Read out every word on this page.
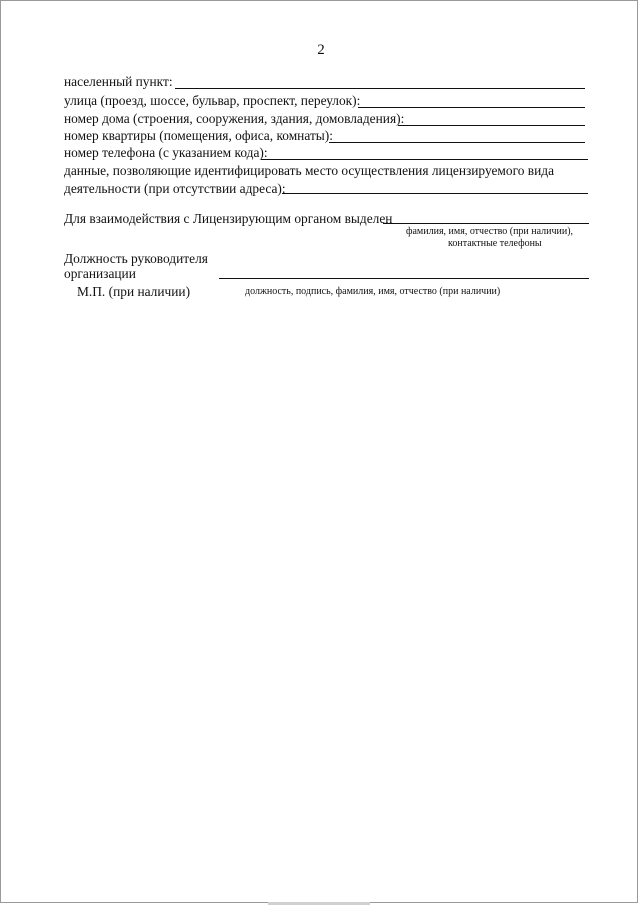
2
населенный пункт:
улица (проезд, шоссе, бульвар, проспект, переулок):
номер дома (строения, сооружения, здания, домовладения):
номер квартиры (помещения, офиса, комнаты):
номер телефона (с указанием кода):
данные, позволяющие идентифицировать место осуществления лицензируемого вида
деятельности (при отсутствии адреса):
Для взаимодействия с Лицензирующим органом выделен
фамилия, имя, отчество (при наличии),
контактные телефоны
Должность руководителя
организации
М.П. (при наличии)	должность, подпись, фамилия, имя, отчество (при наличии)
